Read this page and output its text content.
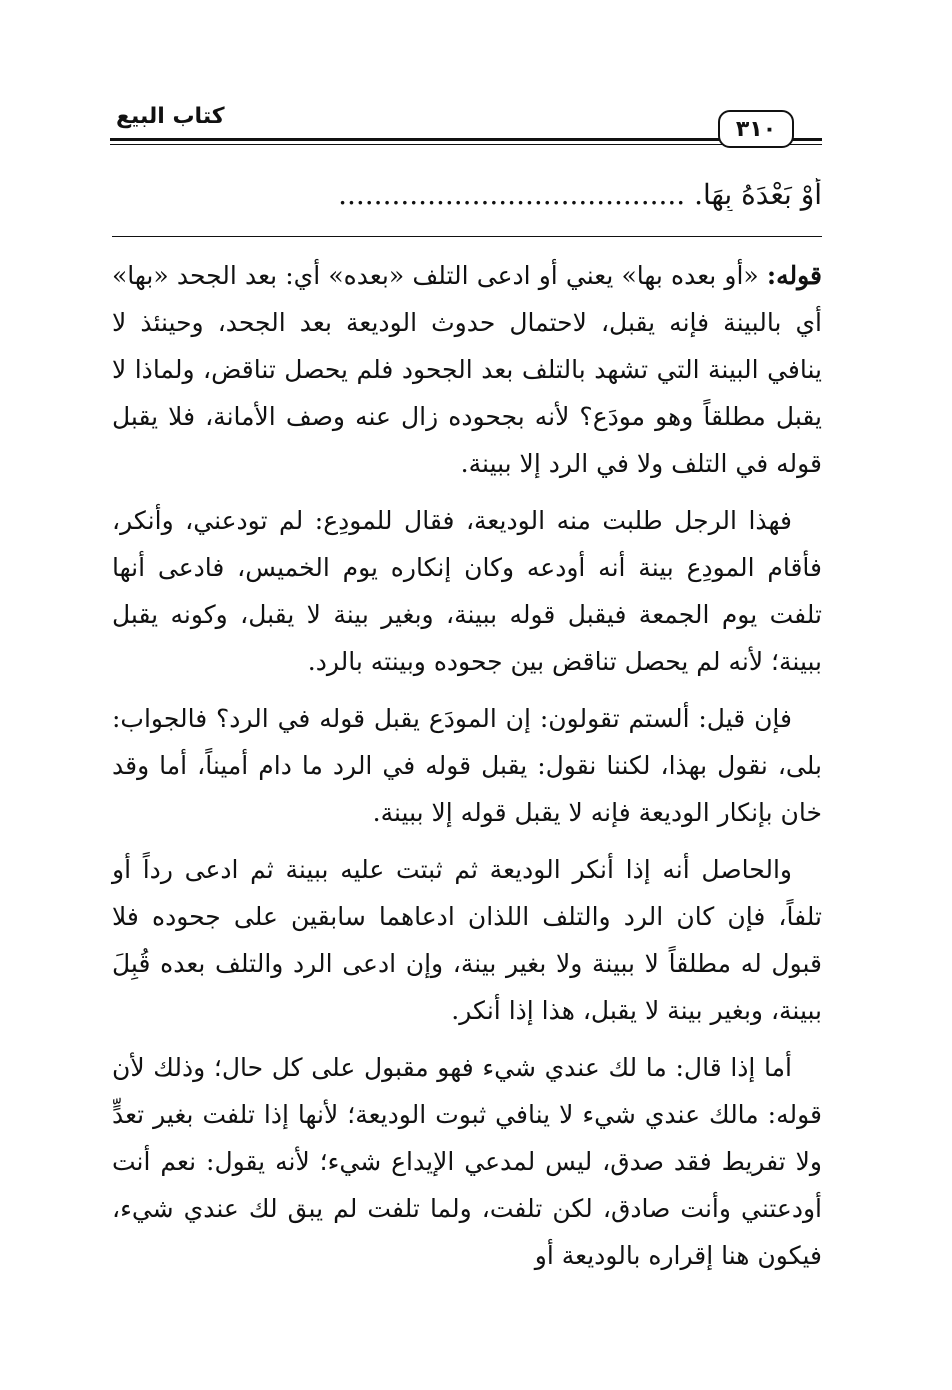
كتاب البيع	٣١٠
أَوْ بَعْدَهُ بِهَا. .......................................

قوله: «أو بعده بها» يعني أو ادعى التلف «بعده» أي: بعد الجحد «بها» أي بالبينة فإنه يقبل، لاحتمال حدوث الوديعة بعد الجحد، وحينئذ لا ينافي البينة التي تشهد بالتلف بعد الجحود فلم يحصل تناقض، ولماذا لا يقبل مطلقاً وهو مودَع؟ لأنه بجحوده زال عنه وصف الأمانة، فلا يقبل قوله في التلف ولا في الرد إلا ببينة.

فهذا الرجل طلبت منه الوديعة، فقال للمودِع: لم تودعني، وأنكر، فأقام المودِع بينة أنه أودعه وكان إنكاره يوم الخميس، فادعى أنها تلفت يوم الجمعة فيقبل قوله ببينة، وبغير بينة لا يقبل، وكونه يقبل ببينة؛ لأنه لم يحصل تناقض بين جحوده وبينته بالرد.

فإن قيل: ألستم تقولون: إن المودَع يقبل قوله في الرد؟ فالجواب: بلى، نقول بهذا، لكننا نقول: يقبل قوله في الرد ما دام أميناً، أما وقد خان بإنكار الوديعة فإنه لا يقبل قوله إلا ببينة.

والحاصل أنه إذا أنكر الوديعة ثم ثبتت عليه ببينة ثم ادعى رداً أو تلفاً، فإن كان الرد والتلف اللذان ادعاهما سابقين على جحوده فلا قبول له مطلقاً لا ببينة ولا بغير بينة، وإن ادعى الرد والتلف بعده قُبِلَ ببينة، وبغير بينة لا يقبل، هذا إذا أنكر.

أما إذا قال: ما لك عندي شيء فهو مقبول على كل حال؛ وذلك لأن قوله: مالك عندي شيء لا ينافي ثبوت الوديعة؛ لأنها إذا تلفت بغير تعدٍّ ولا تفريط فقد صدق، ليس لمدعي الإيداع شيء؛ لأنه يقول: نعم أنت أودعتني وأنت صادق، لكن تلفت، ولما تلفت لم يبق لك عندي شيء، فيكون هنا إقراره بالوديعة أو
